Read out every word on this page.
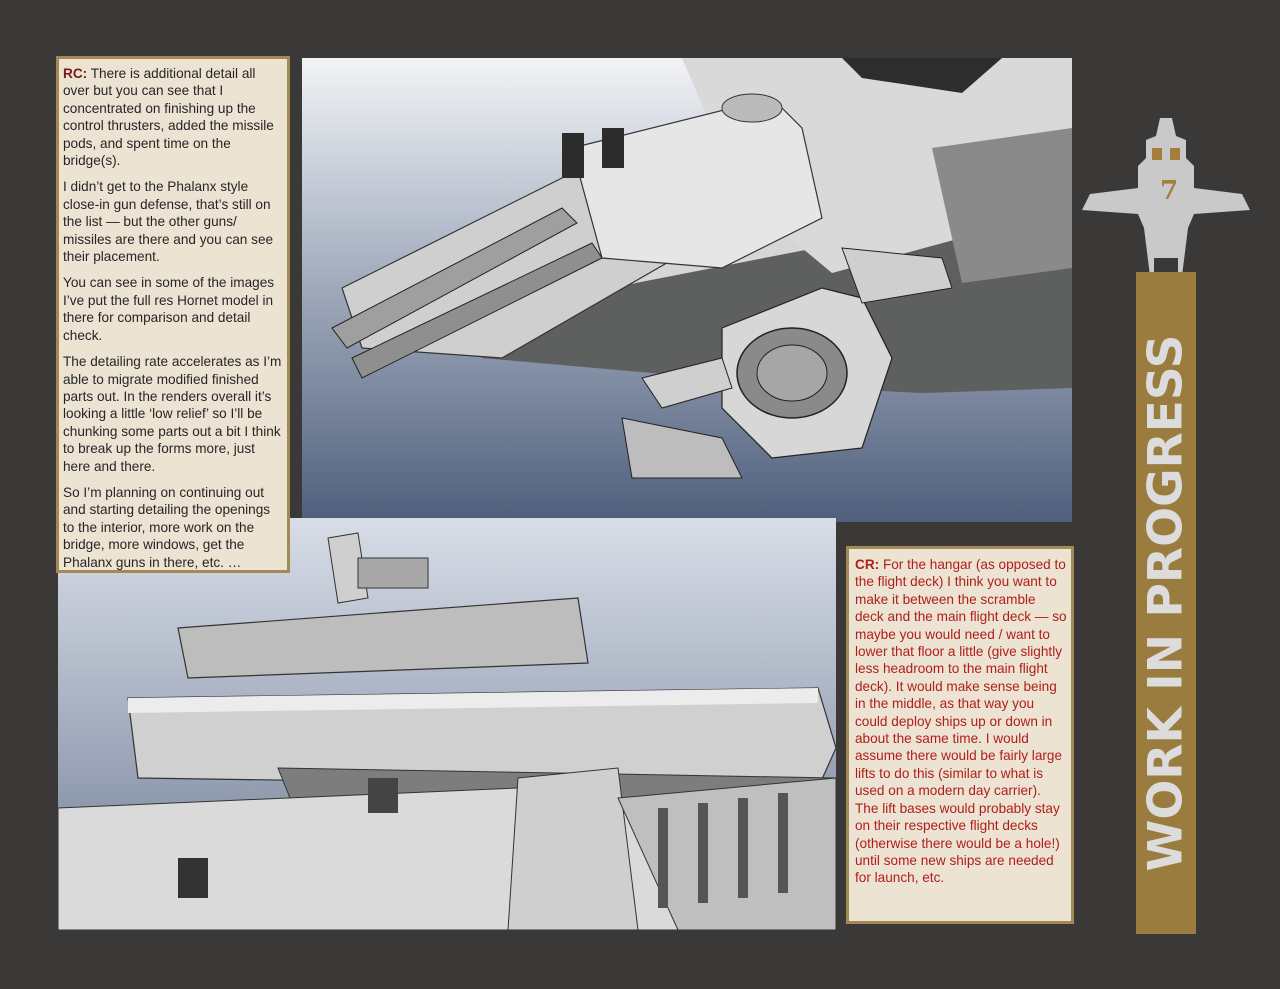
RC: There is additional detail all over but you can see that I concentrated on finishing up the control thrusters, added the missile pods, and spent time on the bridge(s).

I didn’t get to the Phalanx style close-in gun defense, that’s still on the list — but the other guns/ missiles are there and you can see their placement.

You can see in some of the images I’ve put the full res Hornet model in there for comparison and detail check.

The detailing rate accelerates as I’m able to migrate modified finished parts out. In the renders overall it’s looking a little ‘low relief’ so I’ll be chunking some parts out a bit I think to break up the forms more, just here and there.

So I’m planning on continuing out and starting detailing the openings to the interior, more work on the bridge, more windows, get the Phalanx guns in there, etc. …	CR: For the hangar (as opposed to the flight deck) I think you want to make it between the scramble deck and the main flight deck — so maybe you would need / want to lower that floor a little (give slightly less headroom to the main flight deck). It would make sense being in the middle, as that way you could deploy ships up or down in about the same time. I would assume there would be fairly large lifts to do this (similar to what is used on a modern day carrier). The lift bases would probably stay on their respective flight decks (otherwise there would be a hole!) until some new ships are needed for launch, etc.

7
WORK IN PROGRESS
